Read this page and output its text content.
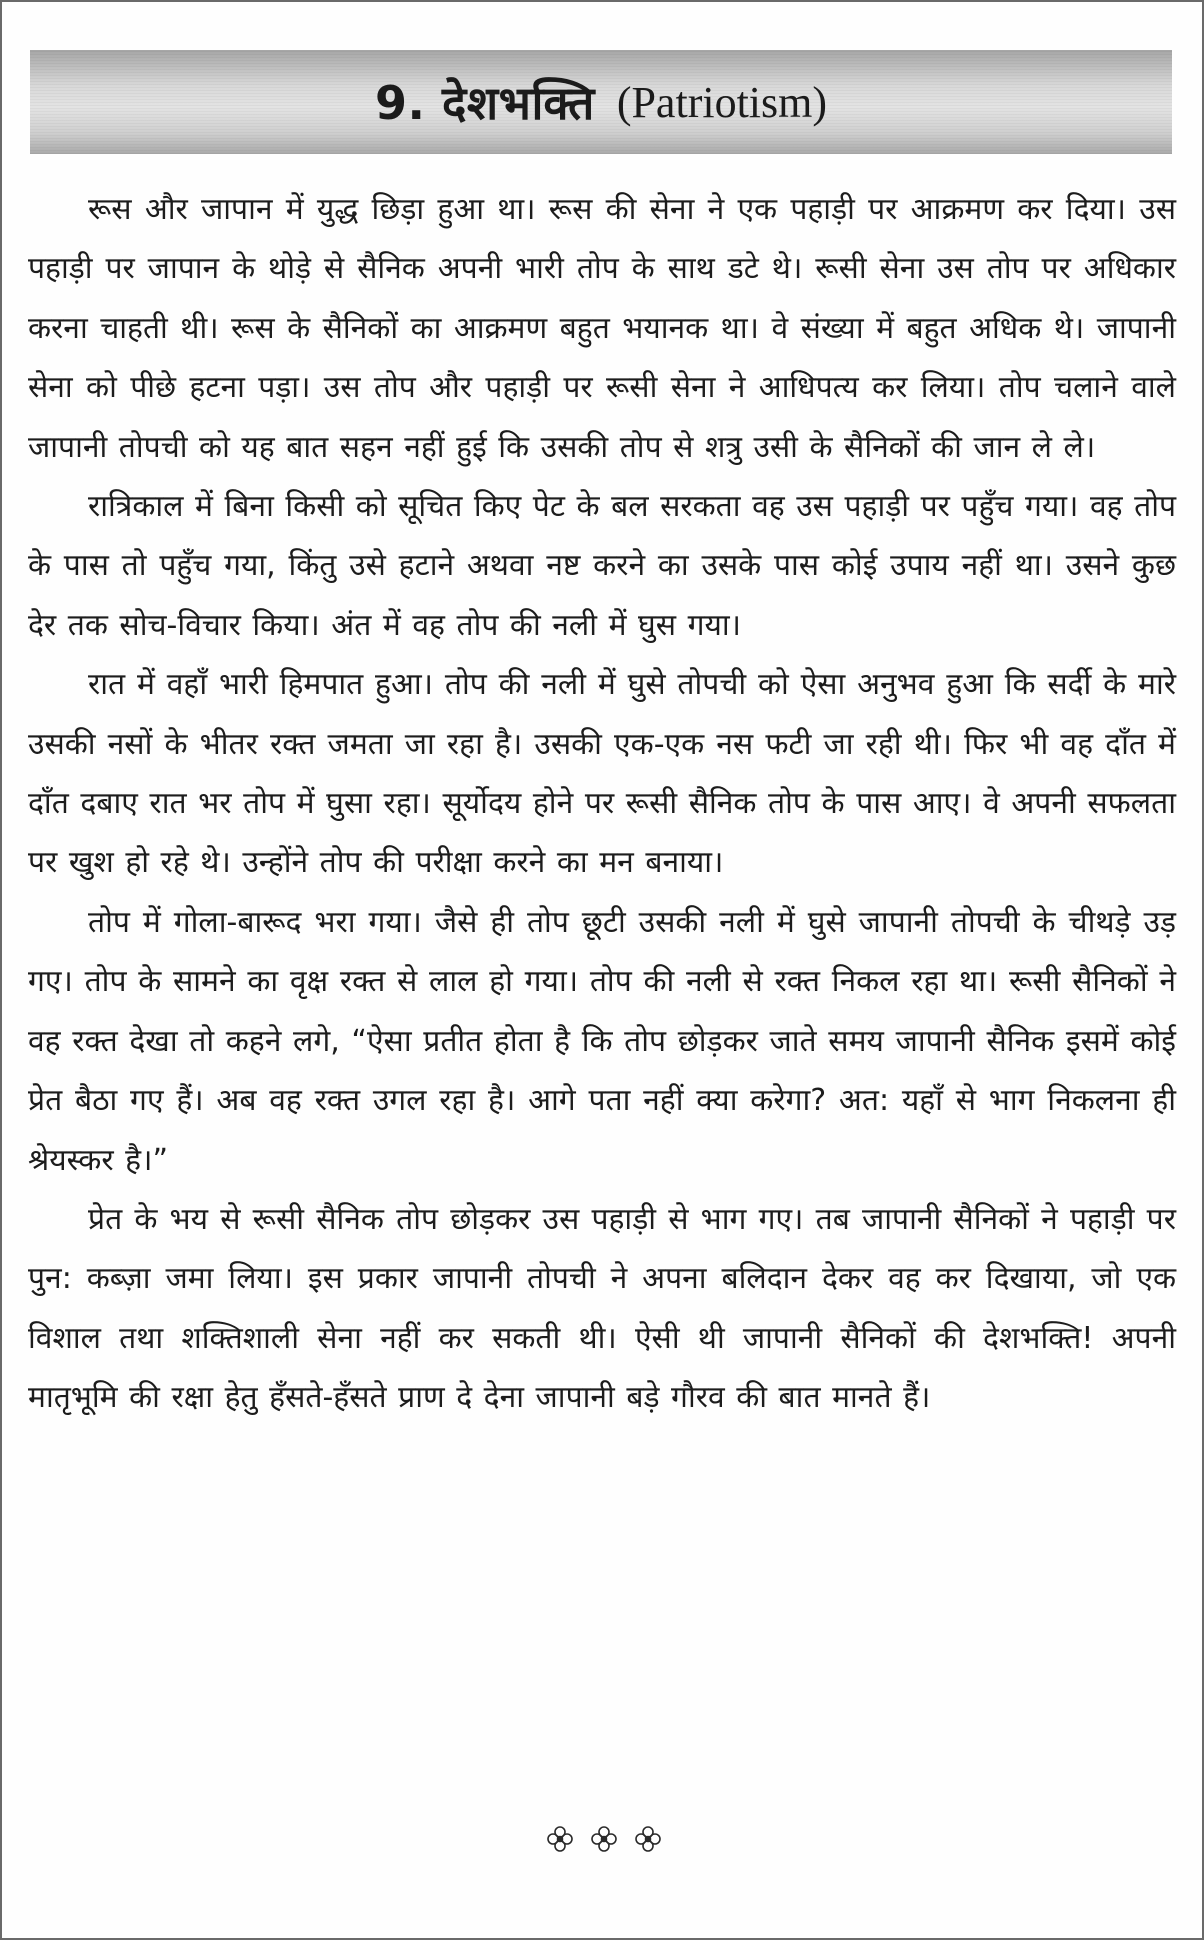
9. देशभक्ति (Patriotism)

रूस और जापान में युद्ध छिड़ा हुआ था। रूस की सेना ने एक पहाड़ी पर आक्रमण कर दिया। उस पहाड़ी पर जापान के थोड़े से सैनिक अपनी भारी तोप के साथ डटे थे। रूसी सेना उस तोप पर अधिकार करना चाहती थी। रूस के सैनिकों का आक्रमण बहुत भयानक था। वे संख्या में बहुत अधिक थे। जापानी सेना को पीछे हटना पड़ा। उस तोप और पहाड़ी पर रूसी सेना ने आधिपत्य कर लिया। तोप चलाने वाले जापानी तोपची को यह बात सहन नहीं हुई कि उसकी तोप से शत्रु उसी के सैनिकों की जान ले ले।

रात्रिकाल में बिना किसी को सूचित किए पेट के बल सरकता वह उस पहाड़ी पर पहुँच गया। वह तोप के पास तो पहुँच गया, किंतु उसे हटाने अथवा नष्ट करने का उसके पास कोई उपाय नहीं था। उसने कुछ देर तक सोच-विचार किया। अंत में वह तोप की नली में घुस गया।

रात में वहाँ भारी हिमपात हुआ। तोप की नली में घुसे तोपची को ऐसा अनुभव हुआ कि सर्दी के मारे उसकी नसों के भीतर रक्त जमता जा रहा है। उसकी एक-एक नस फटी जा रही थी। फिर भी वह दाँत में दाँत दबाए रात भर तोप में घुसा रहा। सूर्योदय होने पर रूसी सैनिक तोप के पास आए। वे अपनी सफलता पर खुश हो रहे थे। उन्होंने तोप की परीक्षा करने का मन बनाया।

तोप में गोला-बारूद भरा गया। जैसे ही तोप छूटी उसकी नली में घुसे जापानी तोपची के चीथड़े उड़ गए। तोप के सामने का वृक्ष रक्त से लाल हो गया। तोप की नली से रक्त निकल रहा था। रूसी सैनिकों ने वह रक्त देखा तो कहने लगे, “ऐसा प्रतीत होता है कि तोप छोड़कर जाते समय जापानी सैनिक इसमें कोई प्रेत बैठा गए हैं। अब वह रक्त उगल रहा है। आगे पता नहीं क्या करेगा? अत: यहाँ से भाग निकलना ही श्रेयस्कर है।”

प्रेत के भय से रूसी सैनिक तोप छोड़कर उस पहाड़ी से भाग गए। तब जापानी सैनिकों ने पहाड़ी पर पुन: कब्ज़ा जमा लिया। इस प्रकार जापानी तोपची ने अपना बलिदान देकर वह कर दिखाया, जो एक विशाल तथा शक्तिशाली सेना नहीं कर सकती थी। ऐसी थी जापानी सैनिकों की देशभक्ति! अपनी मातृभूमि की रक्षा हेतु हँसते-हँसते प्राण दे देना जापानी बड़े गौरव की बात मानते हैं।
